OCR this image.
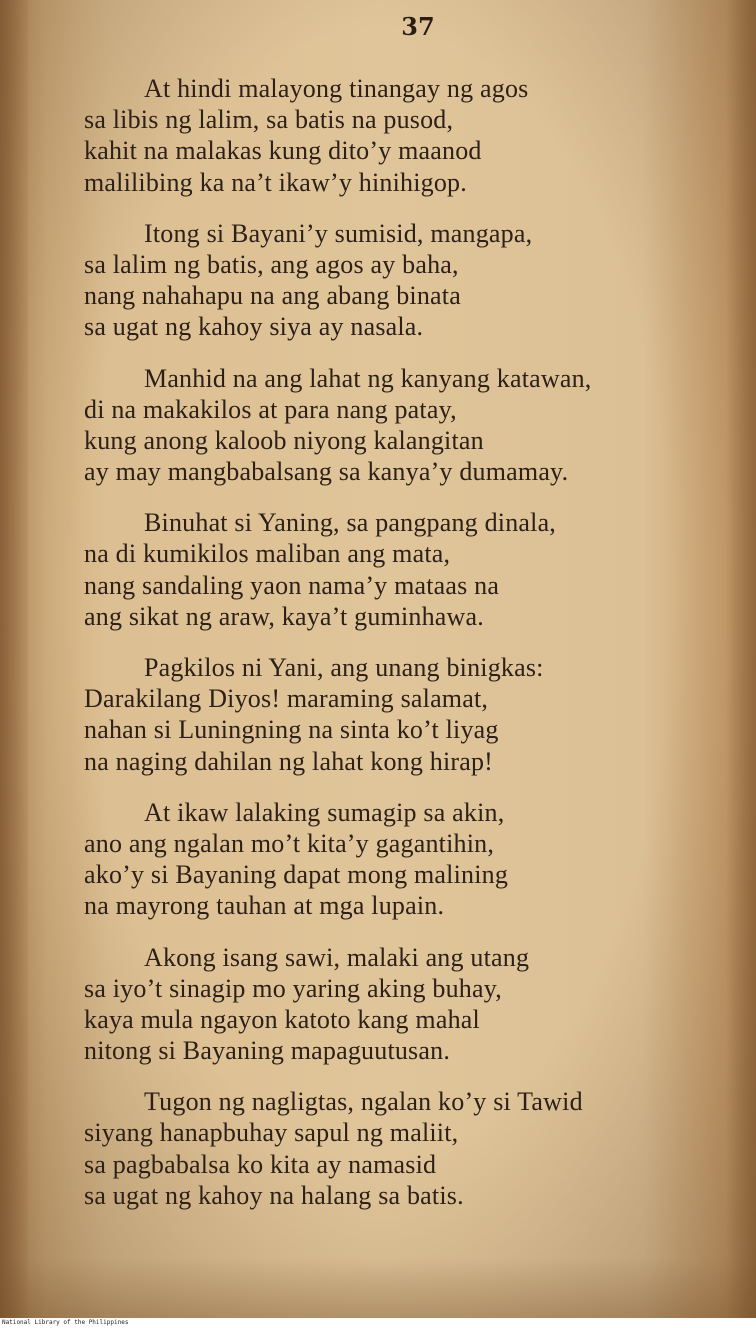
37
At hindi malayong tinangay ng agos
sa libis ng lalim, sa batis na pusod,
kahit na malakas kung dito’y maanod
malilibing ka na’t ikaw’y hinihigop.
Itong si Bayani’y sumisid, mangapa,
sa lalim ng batis, ang agos ay baha,
nang nahahapu na ang abang binata
sa ugat ng kahoy siya ay nasala.
Manhid na ang lahat ng kanyang katawan,
di na makakilos at para nang patay,
kung anong kaloob niyong kalangitan
ay may mangbabalsang sa kanya’y dumamay.
Binuhat si Yaning, sa pangpang dinala,
na di kumikilos maliban ang mata,
nang sandaling yaon nama’y mataas na
ang sikat ng araw, kaya’t guminhawa.
Pagkilos ni Yani, ang unang binigkas:
Darakilang Diyos! maraming salamat,
nahan si Luningning na sinta ko’t liyag
na naging dahilan ng lahat kong hirap!
At ikaw lalaking sumagip sa akin,
ano ang ngalan mo’t kita’y gagantihin,
ako’y si Bayaning dapat mong malining
na mayrong tauhan at mga lupain.
Akong isang sawi, malaki ang utang
sa iyo’t sinagip mo yaring aking buhay,
kaya mula ngayon katoto kang mahal
nitong si Bayaning mapaguutusan.
Tugon ng nagligtas, ngalan ko’y si Tawid
siyang hanapbuhay sapul ng maliit,
sa pagbabalsa ko kita ay namasid
sa ugat ng kahoy na halang sa batis.
National Library of the Philippines
